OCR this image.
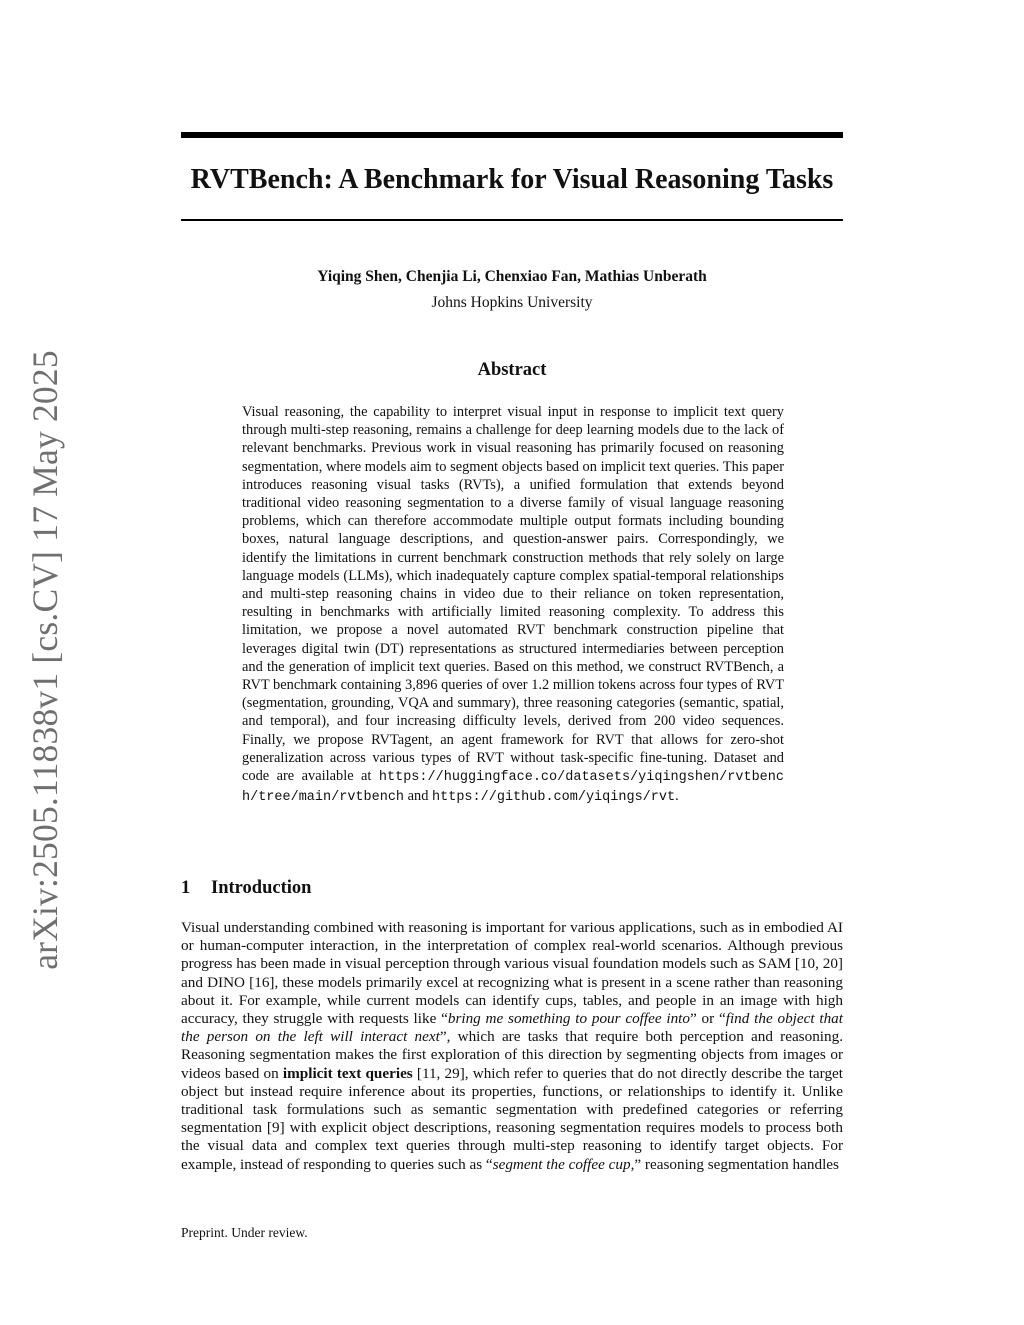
arXiv:2505.11838v1 [cs.CV] 17 May 2025
RVTBench: A Benchmark for Visual Reasoning Tasks
Yiqing Shen, Chenjia Li, Chenxiao Fan, Mathias Unberath
Johns Hopkins University
Abstract
Visual reasoning, the capability to interpret visual input in response to implicit text query through multi-step reasoning, remains a challenge for deep learning models due to the lack of relevant benchmarks. Previous work in visual reasoning has primarily focused on reasoning segmentation, where models aim to segment objects based on implicit text queries. This paper introduces reasoning visual tasks (RVTs), a unified formulation that extends beyond traditional video reasoning segmentation to a diverse family of visual language reasoning problems, which can therefore accommodate multiple output formats including bounding boxes, natural language descriptions, and question-answer pairs. Correspondingly, we identify the limitations in current benchmark construction methods that rely solely on large language models (LLMs), which inadequately capture complex spatial-temporal relationships and multi-step reasoning chains in video due to their reliance on token representation, resulting in benchmarks with artificially limited reasoning complexity. To address this limitation, we propose a novel automated RVT benchmark construction pipeline that leverages digital twin (DT) representations as structured intermediaries between perception and the generation of implicit text queries. Based on this method, we construct RVTBench, a RVT benchmark containing 3,896 queries of over 1.2 million tokens across four types of RVT (segmentation, grounding, VQA and summary), three reasoning categories (semantic, spatial, and temporal), and four increasing difficulty levels, derived from 200 video sequences. Finally, we propose RVTagent, an agent framework for RVT that allows for zero-shot generalization across various types of RVT without task-specific fine-tuning. Dataset and code are available at https://huggingface.co/datasets/yiqingshen/rvtbench/tree/main/rvtbench and https://github.com/yiqings/rvt.
1 Introduction
Visual understanding combined with reasoning is important for various applications, such as in embodied AI or human-computer interaction, in the interpretation of complex real-world scenarios. Although previous progress has been made in visual perception through various visual foundation models such as SAM [10, 20] and DINO [16], these models primarily excel at recognizing what is present in a scene rather than reasoning about it. For example, while current models can identify cups, tables, and people in an image with high accuracy, they struggle with requests like “bring me something to pour coffee into” or “find the object that the person on the left will interact next”, which are tasks that require both perception and reasoning. Reasoning segmentation makes the first exploration of this direction by segmenting objects from images or videos based on implicit text queries [11, 29], which refer to queries that do not directly describe the target object but instead require inference about its properties, functions, or relationships to identify it. Unlike traditional task formulations such as semantic segmentation with predefined categories or referring segmentation [9] with explicit object descriptions, reasoning segmentation requires models to process both the visual data and complex text queries through multi-step reasoning to identify target objects. For example, instead of responding to queries such as “segment the coffee cup,” reasoning segmentation handles
Preprint. Under review.
